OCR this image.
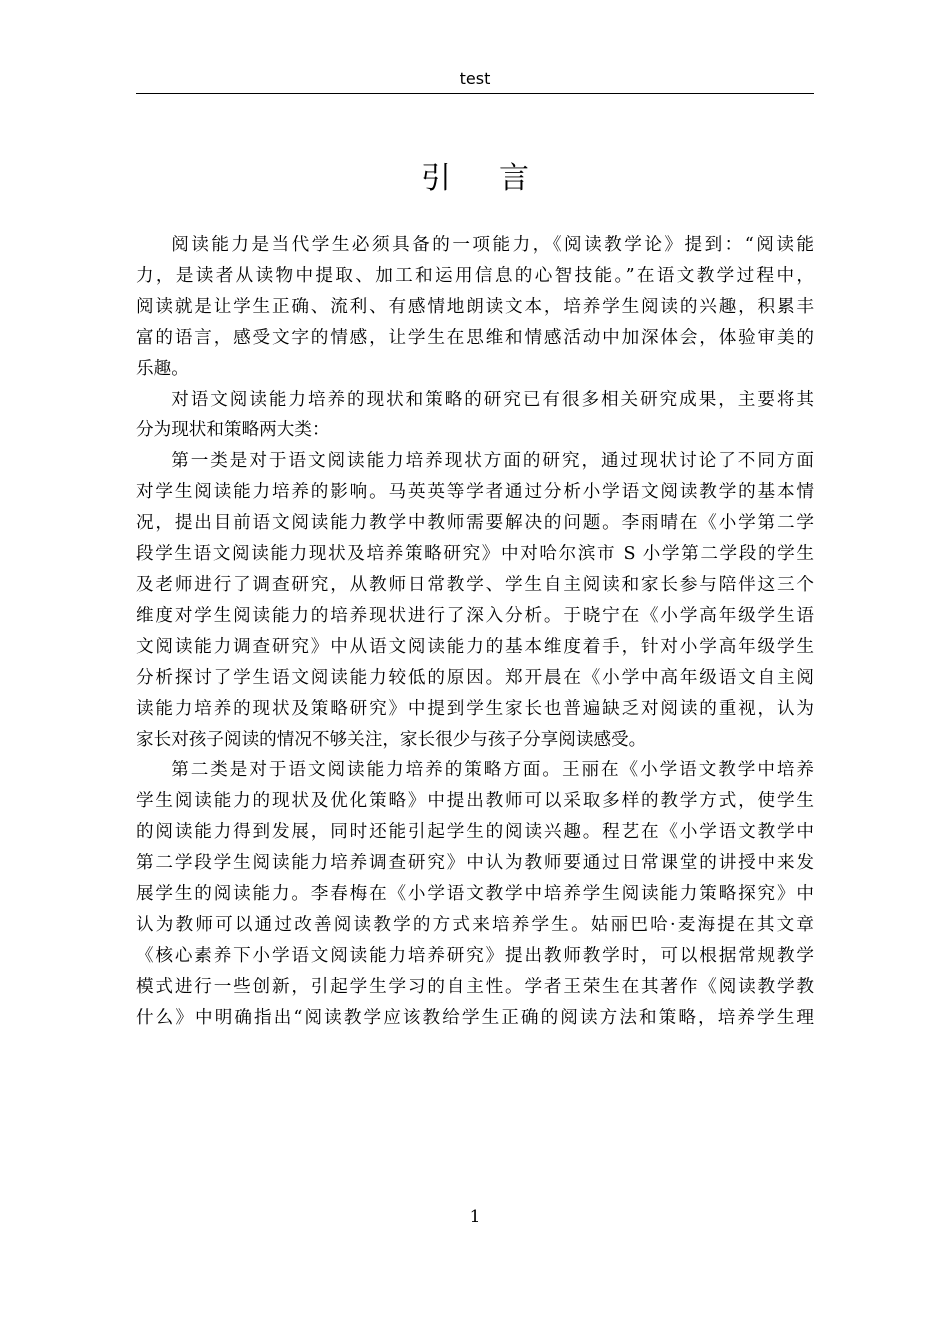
test
引言

阅读能力是当代学生必须具备的一项能力，《阅读教学论》提到：“阅读能
力，是读者从读物中提取、加工和运用信息的心智技能。”在语文教学过程中，
阅读就是让学生正确、流利、有感情地朗读文本，培养学生阅读的兴趣，积累丰
富的语言，感受文字的情感，让学生在思维和情感活动中加深体会，体验审美的
乐趣。

对语文阅读能力培养的现状和策略的研究已有很多相关研究成果，主要将其
分为现状和策略两大类：

第一类是对于语文阅读能力培养现状方面的研究，通过现状讨论了不同方面
对学生阅读能力培养的影响。马英英等学者通过分析小学语文阅读教学的基本情
况，提出目前语文阅读能力教学中教师需要解决的问题。李雨晴在《小学第二学
段学生语文阅读能力现状及培养策略研究》中对哈尔滨市 S 小学第二学段的学生
及老师进行了调查研究，从教师日常教学、学生自主阅读和家长参与陪伴这三个
维度对学生阅读能力的培养现状进行了深入分析。于晓宁在《小学高年级学生语
文阅读能力调查研究》中从语文阅读能力的基本维度着手，针对小学高年级学生
分析探讨了学生语文阅读能力较低的原因。郑开晨在《小学中高年级语文自主阅
读能力培养的现状及策略研究》中提到学生家长也普遍缺乏对阅读的重视，认为
家长对孩子阅读的情况不够关注，家长很少与孩子分享阅读感受。

第二类是对于语文阅读能力培养的策略方面。王丽在《小学语文教学中培养
学生阅读能力的现状及优化策略》中提出教师可以采取多样的教学方式，使学生
的阅读能力得到发展，同时还能引起学生的阅读兴趣。程艺在《小学语文教学中
第二学段学生阅读能力培养调查研究》中认为教师要通过日常课堂的讲授中来发
展学生的阅读能力。李春梅在《小学语文教学中培养学生阅读能力策略探究》中
认为教师可以通过改善阅读教学的方式来培养学生。姑丽巴哈·麦海提在其文章
《核心素养下小学语文阅读能力培养研究》提出教师教学时，可以根据常规教学
模式进行一些创新，引起学生学习的自主性。学者王荣生在其著作《阅读教学教
什么》中明确指出“阅读教学应该教给学生正确的阅读方法和策略，培养学生理

1
